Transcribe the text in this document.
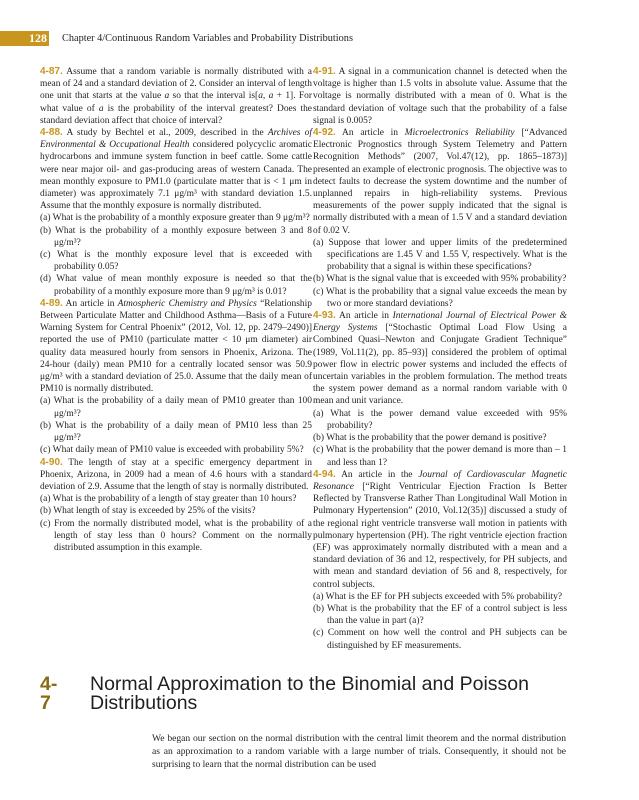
128 Chapter 4/Continuous Random Variables and Probability Distributions

4-87. Assume that a random variable is normally distributed with a mean of 24 and a standard deviation of 2. Consider an interval of length one unit that starts at the value a so that the interval is[a, a + 1]. For what value of a is the probability of the interval greatest? Does the standard deviation affect that choice of interval?

4-88. A study by Bechtel et al., 2009, described in the Archives of Environmental & Occupational Health considered polycyclic aromatic hydrocarbons and immune system function in beef cattle. Some cattle were near major oil- and gas-producing areas of western Canada. The mean monthly exposure to PM1.0 (particulate matter that is < 1 μm in diameter) was approximately 7.1 μg/m³ with standard deviation 1.5. Assume that the monthly exposure is normally distributed.

(a) What is the probability of a monthly exposure greater than 9 μg/m³?

(b) What is the probability of a monthly exposure between 3 and 8 μg/m³?

(c) What is the monthly exposure level that is exceeded with probability 0.05?

(d) What value of mean monthly exposure is needed so that the probability of a monthly exposure more than 9 μg/m³ is 0.01?

4-89. An article in Atmospheric Chemistry and Physics “Relationship Between Particulate Matter and Childhood Asthma—Basis of a Future Warning System for Central Phoenix” (2012, Vol. 12, pp. 2479–2490)] reported the use of PM10 (particulate matter < 10 μm diameter) air quality data measured hourly from sensors in Phoenix, Arizona. The 24-hour (daily) mean PM10 for a centrally located sensor was 50.9 μg/m³ with a standard deviation of 25.0. Assume that the daily mean of PM10 is normally distributed.

(a) What is the probability of a daily mean of PM10 greater than 100 μg/m³?

(b) What is the probability of a daily mean of PM10 less than 25 μg/m³?

(c) What daily mean of PM10 value is exceeded with probability 5%?

4-90. The length of stay at a specific emergency department in Phoenix, Arizona, in 2009 had a mean of 4.6 hours with a standard deviation of 2.9. Assume that the length of stay is normally distributed.

(a) What is the probability of a length of stay greater than 10 hours?

(b) What length of stay is exceeded by 25% of the visits?

(c) From the normally distributed model, what is the probability of a length of stay less than 0 hours? Comment on the normally distributed assumption in this example.

4-91. A signal in a communication channel is detected when the voltage is higher than 1.5 volts in absolute value. Assume that the voltage is normally distributed with a mean of 0. What is the standard deviation of voltage such that the probability of a false signal is 0.005?

4-92. An article in Microelectronics Reliability [“Advanced Electronic Prognostics through System Telemetry and Pattern Recognition Methods” (2007, Vol.47(12), pp. 1865–1873)] presented an example of electronic prognosis. The objective was to detect faults to decrease the system downtime and the number of unplanned repairs in high-reliability systems. Previous measurements of the power supply indicated that the signal is normally distributed with a mean of 1.5 V and a standard deviation of 0.02 V.

(a) Suppose that lower and upper limits of the predetermined specifications are 1.45 V and 1.55 V, respectively. What is the probability that a signal is within these specifications?

(b) What is the signal value that is exceeded with 95% probability?

(c) What is the probability that a signal value exceeds the mean by two or more standard deviations?

4-93. An article in International Journal of Electrical Power & Energy Systems [“Stochastic Optimal Load Flow Using a Combined Quasi–Newton and Conjugate Gradient Technique” (1989, Vol.11(2), pp. 85–93)] considered the problem of optimal power flow in electric power systems and included the effects of uncertain variables in the problem formulation. The method treats the system power demand as a normal random variable with 0 mean and unit variance.

(a) What is the power demand value exceeded with 95% probability?

(b) What is the probability that the power demand is positive?

(c) What is the probability that the power demand is more than – 1 and less than 1?

4-94. An article in the Journal of Cardiovascular Magnetic Resonance [“Right Ventricular Ejection Fraction Is Better Reflected by Transverse Rather Than Longitudinal Wall Motion in Pulmonary Hypertension” (2010, Vol.12(35)] discussed a study of the regional right ventricle transverse wall motion in patients with pulmonary hypertension (PH). The right ventricle ejection fraction (EF) was approximately normally distributed with a mean and a standard deviation of 36 and 12, respectively, for PH subjects, and with mean and standard deviation of 56 and 8, respectively, for control subjects.

(a) What is the EF for PH subjects exceeded with 5% probability?

(b) What is the probability that the EF of a control subject is less than the value in part (a)?

(c) Comment on how well the control and PH subjects can be distinguished by EF measurements.

4-7
Normal Approximation to the Binomial and Poisson Distributions
We began our section on the normal distribution with the central limit theorem and the normal distribution as an approximation to a random variable with a large number of trials. Consequently, it should not be surprising to learn that the normal distribution can be used
